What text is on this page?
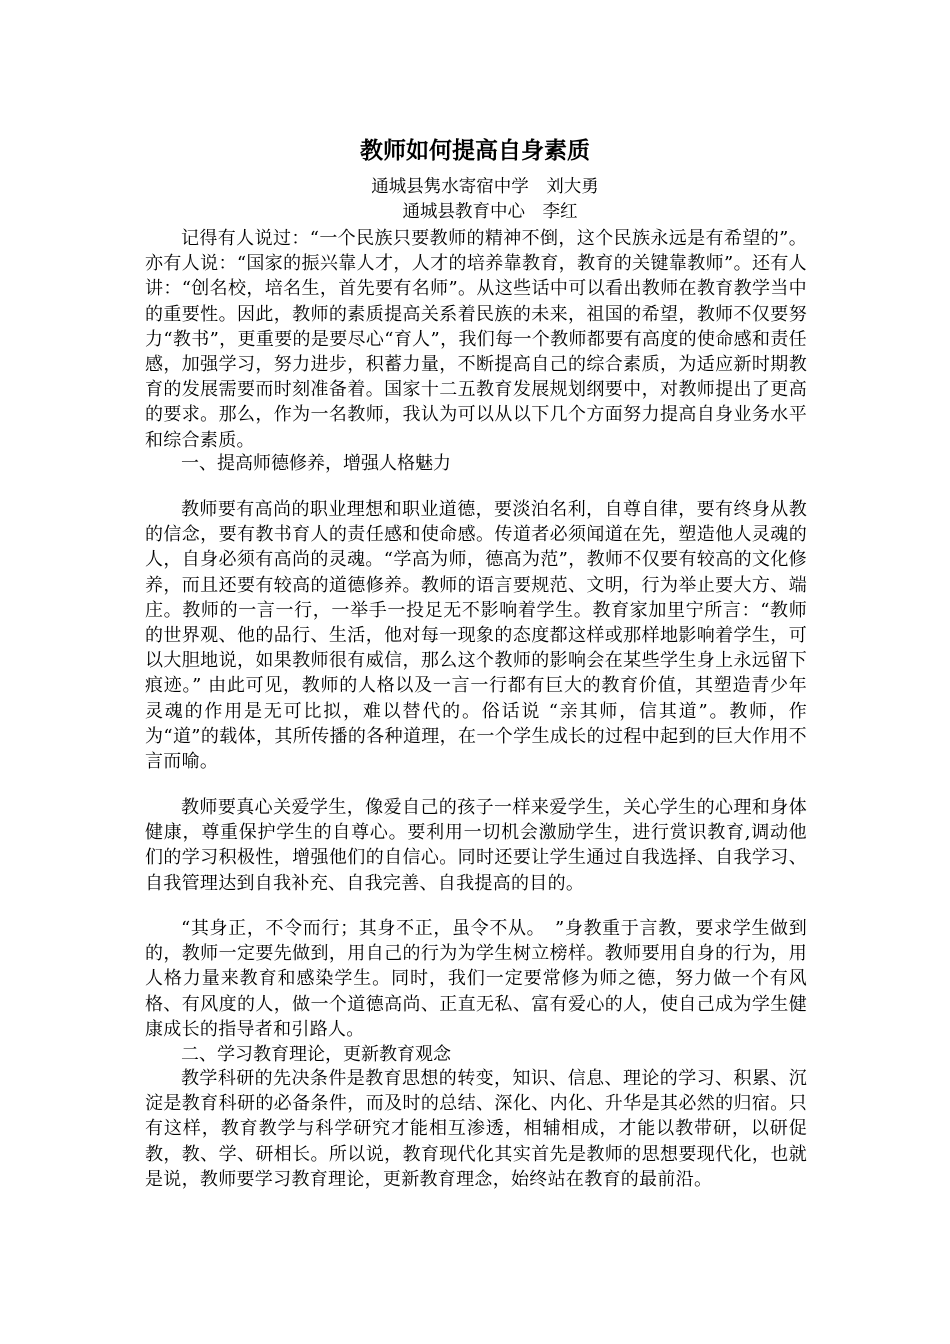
教师如何提高自身素质

通城县隽水寄宿中学　刘大勇

通城县教育中心　李红

记得有人说过：“一个民族只要教师的精神不倒，这个民族永远是有希望的”。 亦有人说：“国家的振兴靠人才，人才的培养靠教育，教育的关键靠教师”。还有人讲：“创名校，培名生，首先要有名师”。从这些话中可以看出教师在教育教学当中的重要性。因此，教师的素质提高关系着民族的未来，祖国的希望，教师不仅要努力“教书”，更重要的是要尽心“育人”，我们每一个教师都要有高度的使命感和责任感，加强学习，努力进步，积蓄力量，不断提高自己的综合素质，为适应新时期教育的发展需要而时刻准备着。国家十二五教育发展规划纲要中，对教师提出了更高的要求。那么，作为一名教师，我认为可以从以下几个方面努力提高自身业务水平和综合素质。

一、提高师德修养，增强人格魅力

教师要有高尚的职业理想和职业道德，要淡泊名利，自尊自律，要有终身从教的信念，要有教书育人的责任感和使命感。传道者必须闻道在先，塑造他人灵魂的人，自身必须有高尚的灵魂。“学高为师，德高为范”，教师不仅要有较高的文化修养，而且还要有较高的道德修养。教师的语言要规范、文明，行为举止要大方、端庄。教师的一言一行，一举手一投足无不影响着学生。教育家加里宁所言：“教师的世界观、他的品行、生活，他对每一现象的态度都这样或那样地影响着学生，可以大胆地说，如果教师很有威信，那么这个教师的影响会在某些学生身上永远留下痕迹。” 由此可见，教师的人格以及一言一行都有巨大的教育价值，其塑造青少年灵魂的作用是无可比拟，难以替代的。俗话说 “亲其师，信其道”。教师，作为“道”的载体，其所传播的各种道理，在一个学生成长的过程中起到的巨大作用不言而喻。

教师要真心关爱学生，像爱自己的孩子一样来爱学生，关心学生的心理和身体健康，尊重保护学生的自尊心。要利用一切机会激励学生，进行赏识教育,调动他们的学习积极性，增强他们的自信心。同时还要让学生通过自我选择、自我学习、自我管理达到自我补充、自我完善、自我提高的目的。

“其身正，不令而行；其身不正，虽令不从。　”身教重于言教，要求学生做到的，教师一定要先做到，用自己的行为为学生树立榜样。教师要用自身的行为，用人格力量来教育和感染学生。同时，我们一定要常修为师之德，努力做一个有风格、有风度的人，做一个道德高尚、正直无私、富有爱心的人，使自己成为学生健康成长的指导者和引路人。

二、学习教育理论，更新教育观念

教学科研的先决条件是教育思想的转变，知识、信息、理论的学习、积累、沉淀是教育科研的必备条件，而及时的总结、深化、内化、升华是其必然的归宿。只有这样，教育教学与科学研究才能相互渗透，相辅相成，才能以教带研，以研促教，教、学、研相长。所以说，教育现代化其实首先是教师的思想要现代化，也就是说，教师要学习教育理论，更新教育理念，始终站在教育的最前沿。
